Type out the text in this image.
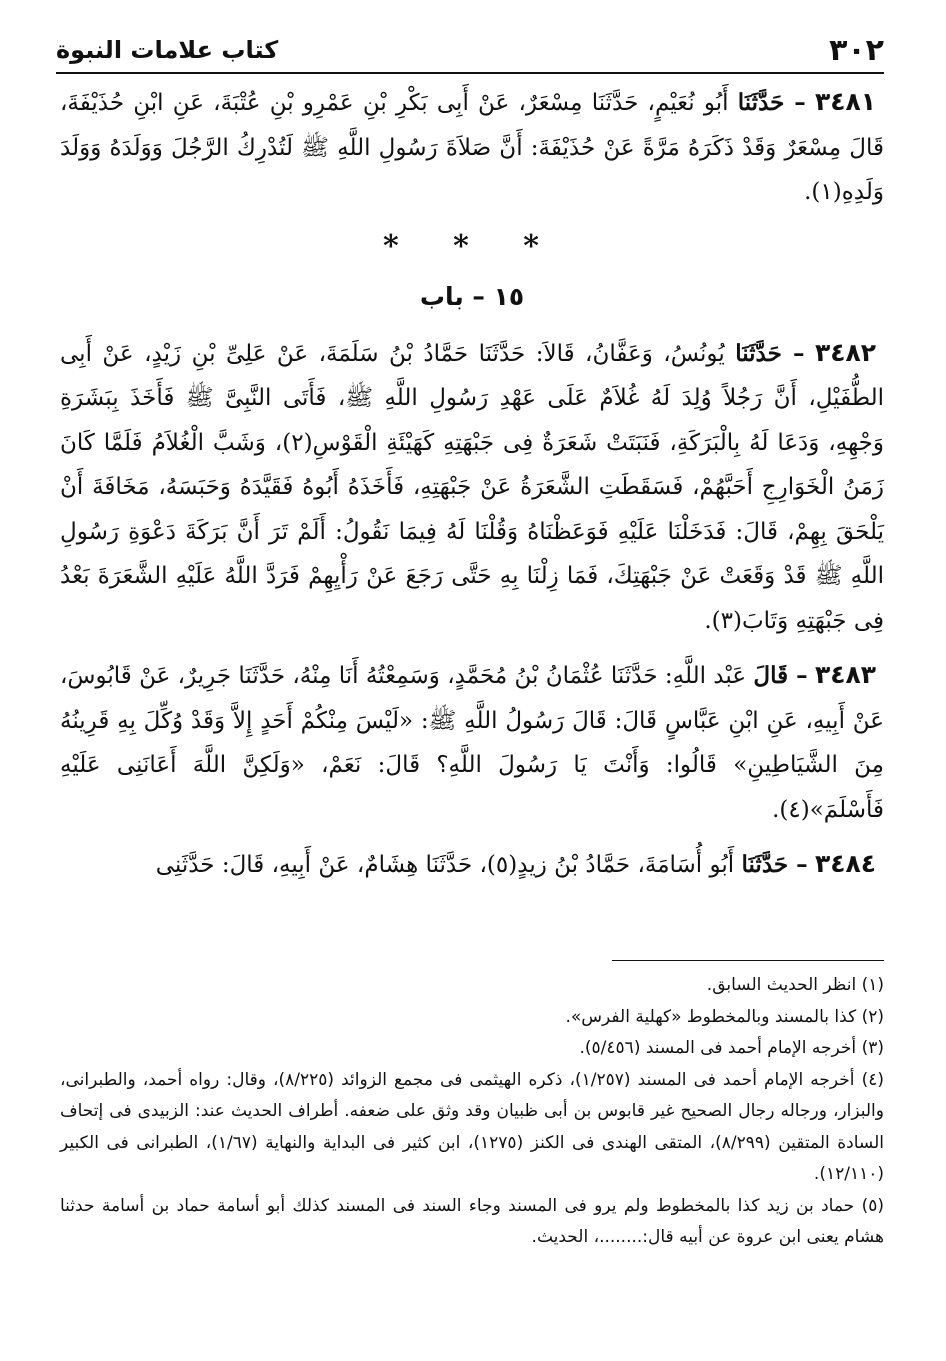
٣٠٢
كتاب علامات النبوة

٣٤٨١ – حَدَّثَنَا أَبُو نُعَيْمٍ، حَدَّثَنَا مِسْعَرٌ، عَنْ أَبِى بَكْرِ بْنِ عَمْرِو بْنِ عُتْبَةَ، عَنِ ابْنِ حُذَيْفَةَ، قَالَ مِسْعَرٌ وَقَدْ ذَكَرَهُ مَرَّةً عَنْ حُذَيْفَةَ: أَنَّ صَلاَةَ رَسُولِ اللَّهِ ﷺ لَتُدْرِكُ الرَّجُلَ وَوَلَدَهُ وَوَلَدَ وَلَدِهِ(١).

* * *
١٥ – باب

٣٤٨٢ – حَدَّثَنَا يُونُسُ، وَعَفَّانُ، قَالاَ: حَدَّثَنَا حَمَّادُ بْنُ سَلَمَةَ، عَنْ عَلِىِّ بْنِ زَيْدٍ، عَنْ أَبِى الطُّفَيْلِ، أَنَّ رَجُلاً وُلِدَ لَهُ غُلاَمٌ عَلَى عَهْدِ رَسُولِ اللَّهِ ﷺ، فَأَتَى النَّبِىَّ ﷺ فَأَخَذَ بِبَشَرَةِ وَجْهِهِ، وَدَعَا لَهُ بِالْبَرَكَةِ، فَنَبَتَتْ شَعَرَةٌ فِى جَبْهَتِهِ كَهَيْئَةِ الْقَوْسِ(٢)، وَشَبَّ الْغُلاَمُ فَلَمَّا كَانَ زَمَنُ الْخَوَارِجِ أَحَبَّهُمْ، فَسَقَطَتِ الشَّعَرَةُ عَنْ جَبْهَتِهِ، فَأَخَذَهُ أَبُوهُ فَقَيَّدَهُ وَحَبَسَهُ، مَخَافَةَ أَنْ يَلْحَقَ بِهِمْ، قَالَ: فَدَخَلْنَا عَلَيْهِ فَوَعَظْنَاهُ وَقُلْنَا لَهُ فِيمَا نَقُولُ: أَلَمْ تَرَ أَنَّ بَرَكَةَ دَعْوَةِ رَسُولِ اللَّهِ ﷺ قَدْ وَقَعَتْ عَنْ جَبْهَتِكَ، فَمَا زِلْنَا بِهِ حَتَّى رَجَعَ عَنْ رَأْيِهِمْ فَرَدَّ اللَّهُ عَلَيْهِ الشَّعَرَةَ بَعْدُ فِى جَبْهَتِهِ وَتَابَ(٣).

٣٤٨٣ – قَالَ عَبْد اللَّهِ: حَدَّثَنَا عُثْمَانُ بْنُ مُحَمَّدٍ، وَسَمِعْتُهُ أَنَا مِنْهُ، حَدَّثَنَا جَرِيرٌ، عَنْ قَابُوسَ، عَنْ أَبِيهِ، عَنِ ابْنِ عَبَّاسٍ قَالَ: قَالَ رَسُولُ اللَّهِ ﷺ: «لَيْسَ مِنْكُمْ أَحَدٍ إِلاَّ وَقَدْ وُكِّلَ بِهِ قَرِينُهُ مِنَ الشَّيَاطِينِ» قَالُوا: وَأَنْتَ يَا رَسُولَ اللَّهِ؟ قَالَ: نَعَمْ، «وَلَكِنَّ اللَّهَ أَعَانَنِى عَلَيْهِ فَأَسْلَمَ»(٤).

٣٤٨٤ – حَدَّثَنَا أَبُو أُسَامَةَ، حَمَّادُ بْنُ زيدٍ(٥)، حَدَّثَنَا هِشَامٌ، عَنْ أَبِيهِ، قَالَ: حَدَّثَنِى

(١) انظر الحديث السابق.

(٢) كذا بالمسند وبالمخطوط «كهلية الفرس».

(٣) أخرجه الإمام أحمد فى المسند (٥/٤٥٦).

(٤) أخرجه الإمام أحمد فى المسند (١/٢٥٧)، ذكره الهيثمى فى مجمع الزوائد (٨/٢٢٥)، وقال: رواه أحمد، والطبرانى، والبزار، ورجاله رجال الصحيح غير قابوس بن أبى ظبيان وقد وثق على ضعفه. أطراف الحديث عند: الزبيدى فى إتحاف السادة المتقين (٨/٢٩٩)، المتقى الهندى فى الكنز (١٢٧٥)، ابن كثير فى البداية والنهاية (١/٦٧)، الطبرانى فى الكبير (١٢/١١٠).

(٥) حماد بن زيد كذا بالمخطوط ولم يرو فى المسند وجاء السند فى المسند كذلك أبو أسامة حماد بن أسامة حدثنا هشام يعنى ابن عروة عن أبيه قال:........، الحديث.
